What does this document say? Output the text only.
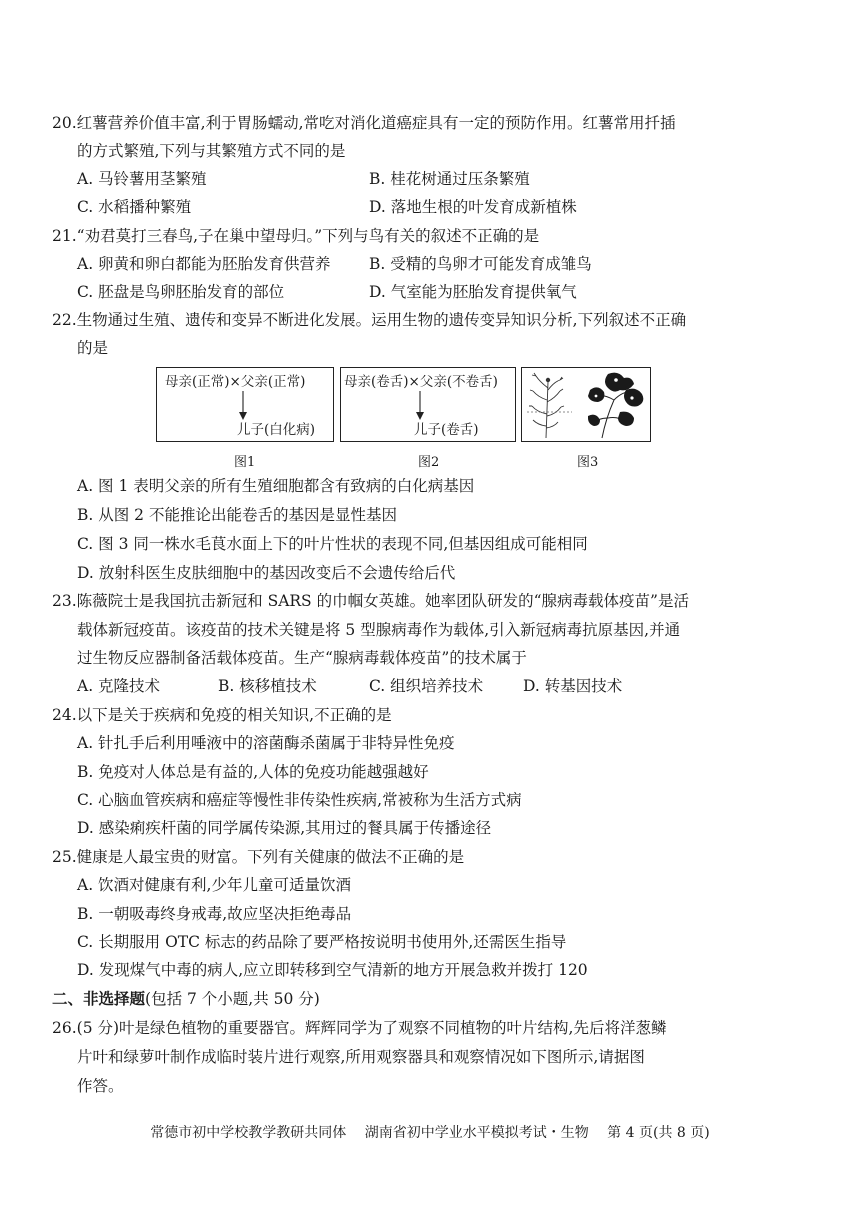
20.红薯营养价值丰富,利于胃肠蠕动,常吃对消化道癌症具有一定的预防作用。红薯常用扦插
的方式繁殖,下列与其繁殖方式不同的是
A. 马铃薯用茎繁殖	B. 桂花树通过压条繁殖
C. 水稻播种繁殖	D. 落地生根的叶发育成新植株
21.“劝君莫打三春鸟,子在巢中望母归。”下列与鸟有关的叙述不正确的是
A. 卵黄和卵白都能为胚胎发育供营养 B. 受精的鸟卵才可能发育成雏鸟
C. 胚盘是鸟卵胚胎发育的部位	D. 气室能为胚胎发育提供氧气
22.生物通过生殖、遗传和变异不断进化发展。运用生物的遗传变异知识分析,下列叙述不正确
的是
母亲(正常)×父亲(正常)
儿子(白化病)
图1
母亲(卷舌)×父亲(不卷舌)
儿子(卷舌)
图2	图3
A. 图 1 表明父亲的所有生殖细胞都含有致病的白化病基因
B. 从图 2 不能推论出能卷舌的基因是显性基因
C. 图 3 同一株水毛茛水面上下的叶片性状的表现不同,但基因组成可能相同
D. 放射科医生皮肤细胞中的基因改变后不会遗传给后代
23.陈薇院士是我国抗击新冠和 SARS 的巾帼女英雄。她率团队研发的“腺病毒载体疫苗”是活
载体新冠疫苗。该疫苗的技术关键是将 5 型腺病毒作为载体,引入新冠病毒抗原基因,并通
过生物反应器制备活载体疫苗。生产“腺病毒载体疫苗”的技术属于
A. 克隆技术	B. 核移植技术	C. 组织培养技术	D. 转基因技术
24.以下是关于疾病和免疫的相关知识,不正确的是
A. 针扎手后利用唾液中的溶菌酶杀菌属于非特异性免疫
B. 免疫对人体总是有益的,人体的免疫功能越强越好
C. 心脑血管疾病和癌症等慢性非传染性疾病,常被称为生活方式病
D. 感染痢疾杆菌的同学属传染源,其用过的餐具属于传播途径
25.健康是人最宝贵的财富。下列有关健康的做法不正确的是
A. 饮酒对健康有利,少年儿童可适量饮酒
B. 一朝吸毒终身戒毒,故应坚决拒绝毒品
C. 长期服用 OTC 标志的药品除了要严格按说明书使用外,还需医生指导
D. 发现煤气中毒的病人,应立即转移到空气清新的地方开展急救并拨打 120
二、非选择题(包括 7 个小题,共 50 分)
26.(5 分)叶是绿色植物的重要器官。辉辉同学为了观察不同植物的叶片结构,先后将洋葱鳞
片叶和绿萝叶制作成临时装片进行观察,所用观察器具和观察情况如下图所示,请据图
作答。
常德市初中学校教学教研共同体 湖南省初中学业水平模拟考试・生物 第 4 页(共 8 页)
